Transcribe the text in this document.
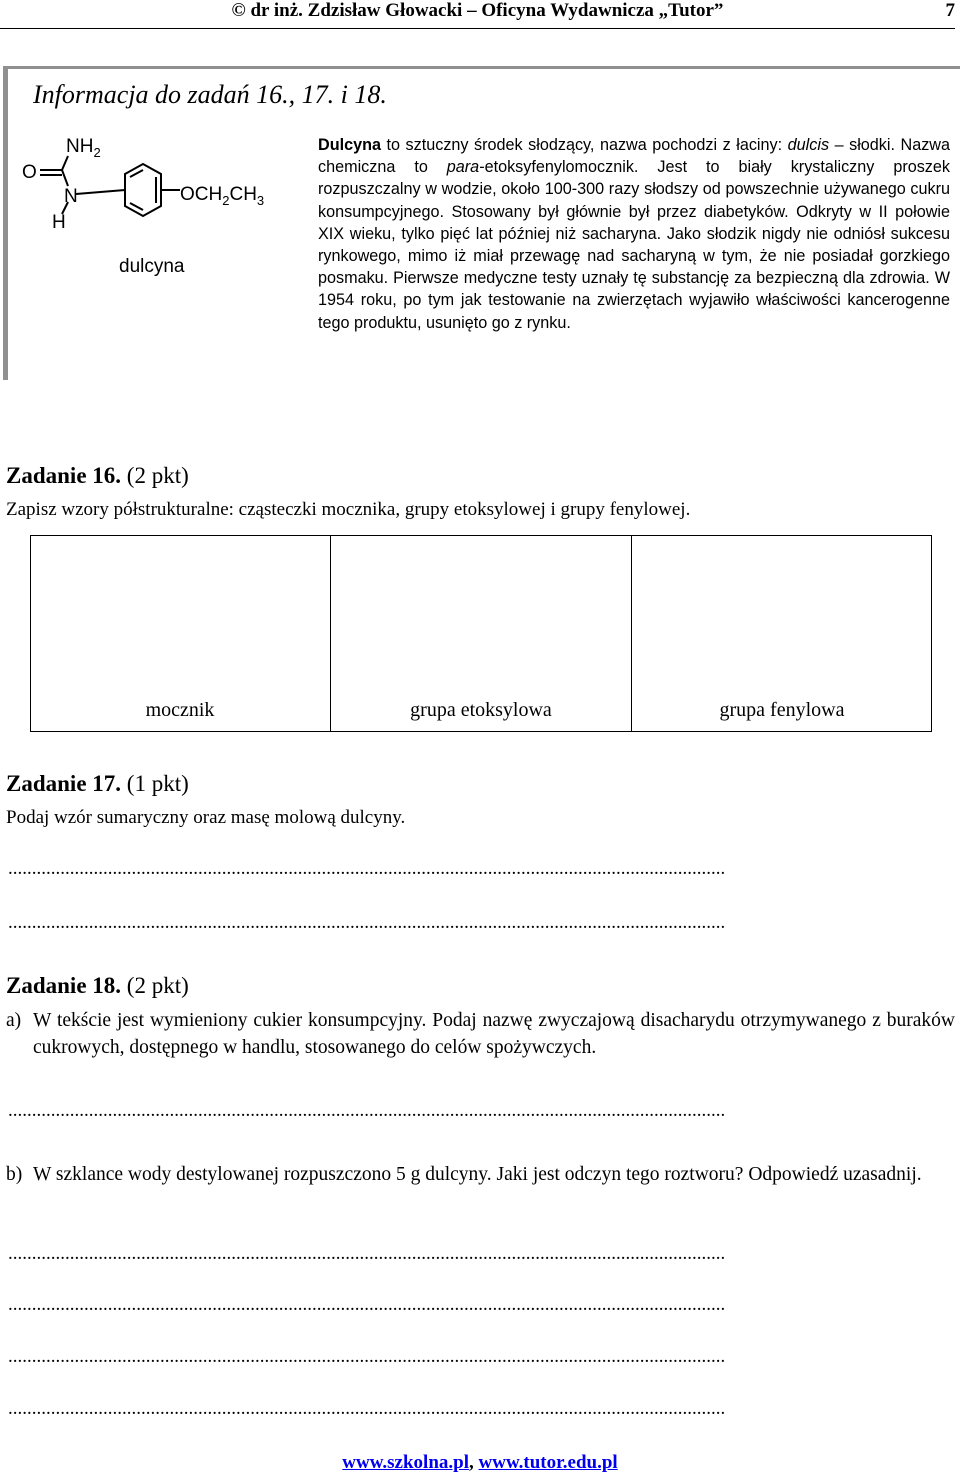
© dr inż. Zdzisław Głowacki – Oficyna Wydawnicza „Tutor”	7
Informacja do zadań 16., 17. i 18.
$NH_2$
O
N
H
$OCH_2CH_3$
dulcyna
Dulcyna to sztuczny środek słodzący, nazwa pochodzi z łaciny: dulcis – słodki. Nazwa chemiczna to para-etoksyfenylomocznik. Jest to biały krystaliczny proszek rozpuszczalny w wodzie, około 100-300 razy słodszy od powszechnie używanego cukru konsumpcyjnego. Stosowany był głównie był przez diabetyków. Odkryty w II połowie XIX wieku, tylko pięć lat później niż sacharyna. Jako słodzik nigdy nie odniósł sukcesu rynkowego, mimo iż miał przewagę nad sacharyną w tym, że nie posiadał gorzkiego posmaku. Pierwsze medyczne testy uznały tę substancję za bezpieczną dla zdrowia. W 1954 roku, po tym jak testowanie na zwierzętach wyjawiło właściwości kancerogenne tego produktu, usunięto go z rynku.
Zadanie 16. (2 pkt)
Zapisz wzory półstrukturalne: cząsteczki mocznika, grupy etoksylowej i grupy fenylowej.
mocznik	grupa etoksylowa	grupa fenylowa
Zadanie 17. (1 pkt)
Podaj wzór sumaryczny oraz masę molową dulcyny.
.......................................................................................................................................................
.......................................................................................................................................................
Zadanie 18. (2 pkt)
a) W tekście jest wymieniony cukier konsumpcyjny. Podaj nazwę zwyczajową disacharydu otrzymywanego z buraków cukrowych, dostępnego w handlu, stosowanego do celów spożywczych.
.......................................................................................................................................................
b) W szklance wody destylowanej rozpuszczono 5 g dulcyny. Jaki jest odczyn tego roztworu? Odpowiedź uzasadnij.
.......................................................................................................................................................
.......................................................................................................................................................
.......................................................................................................................................................
.......................................................................................................................................................
www.szkolna.pl, www.tutor.edu.pl
